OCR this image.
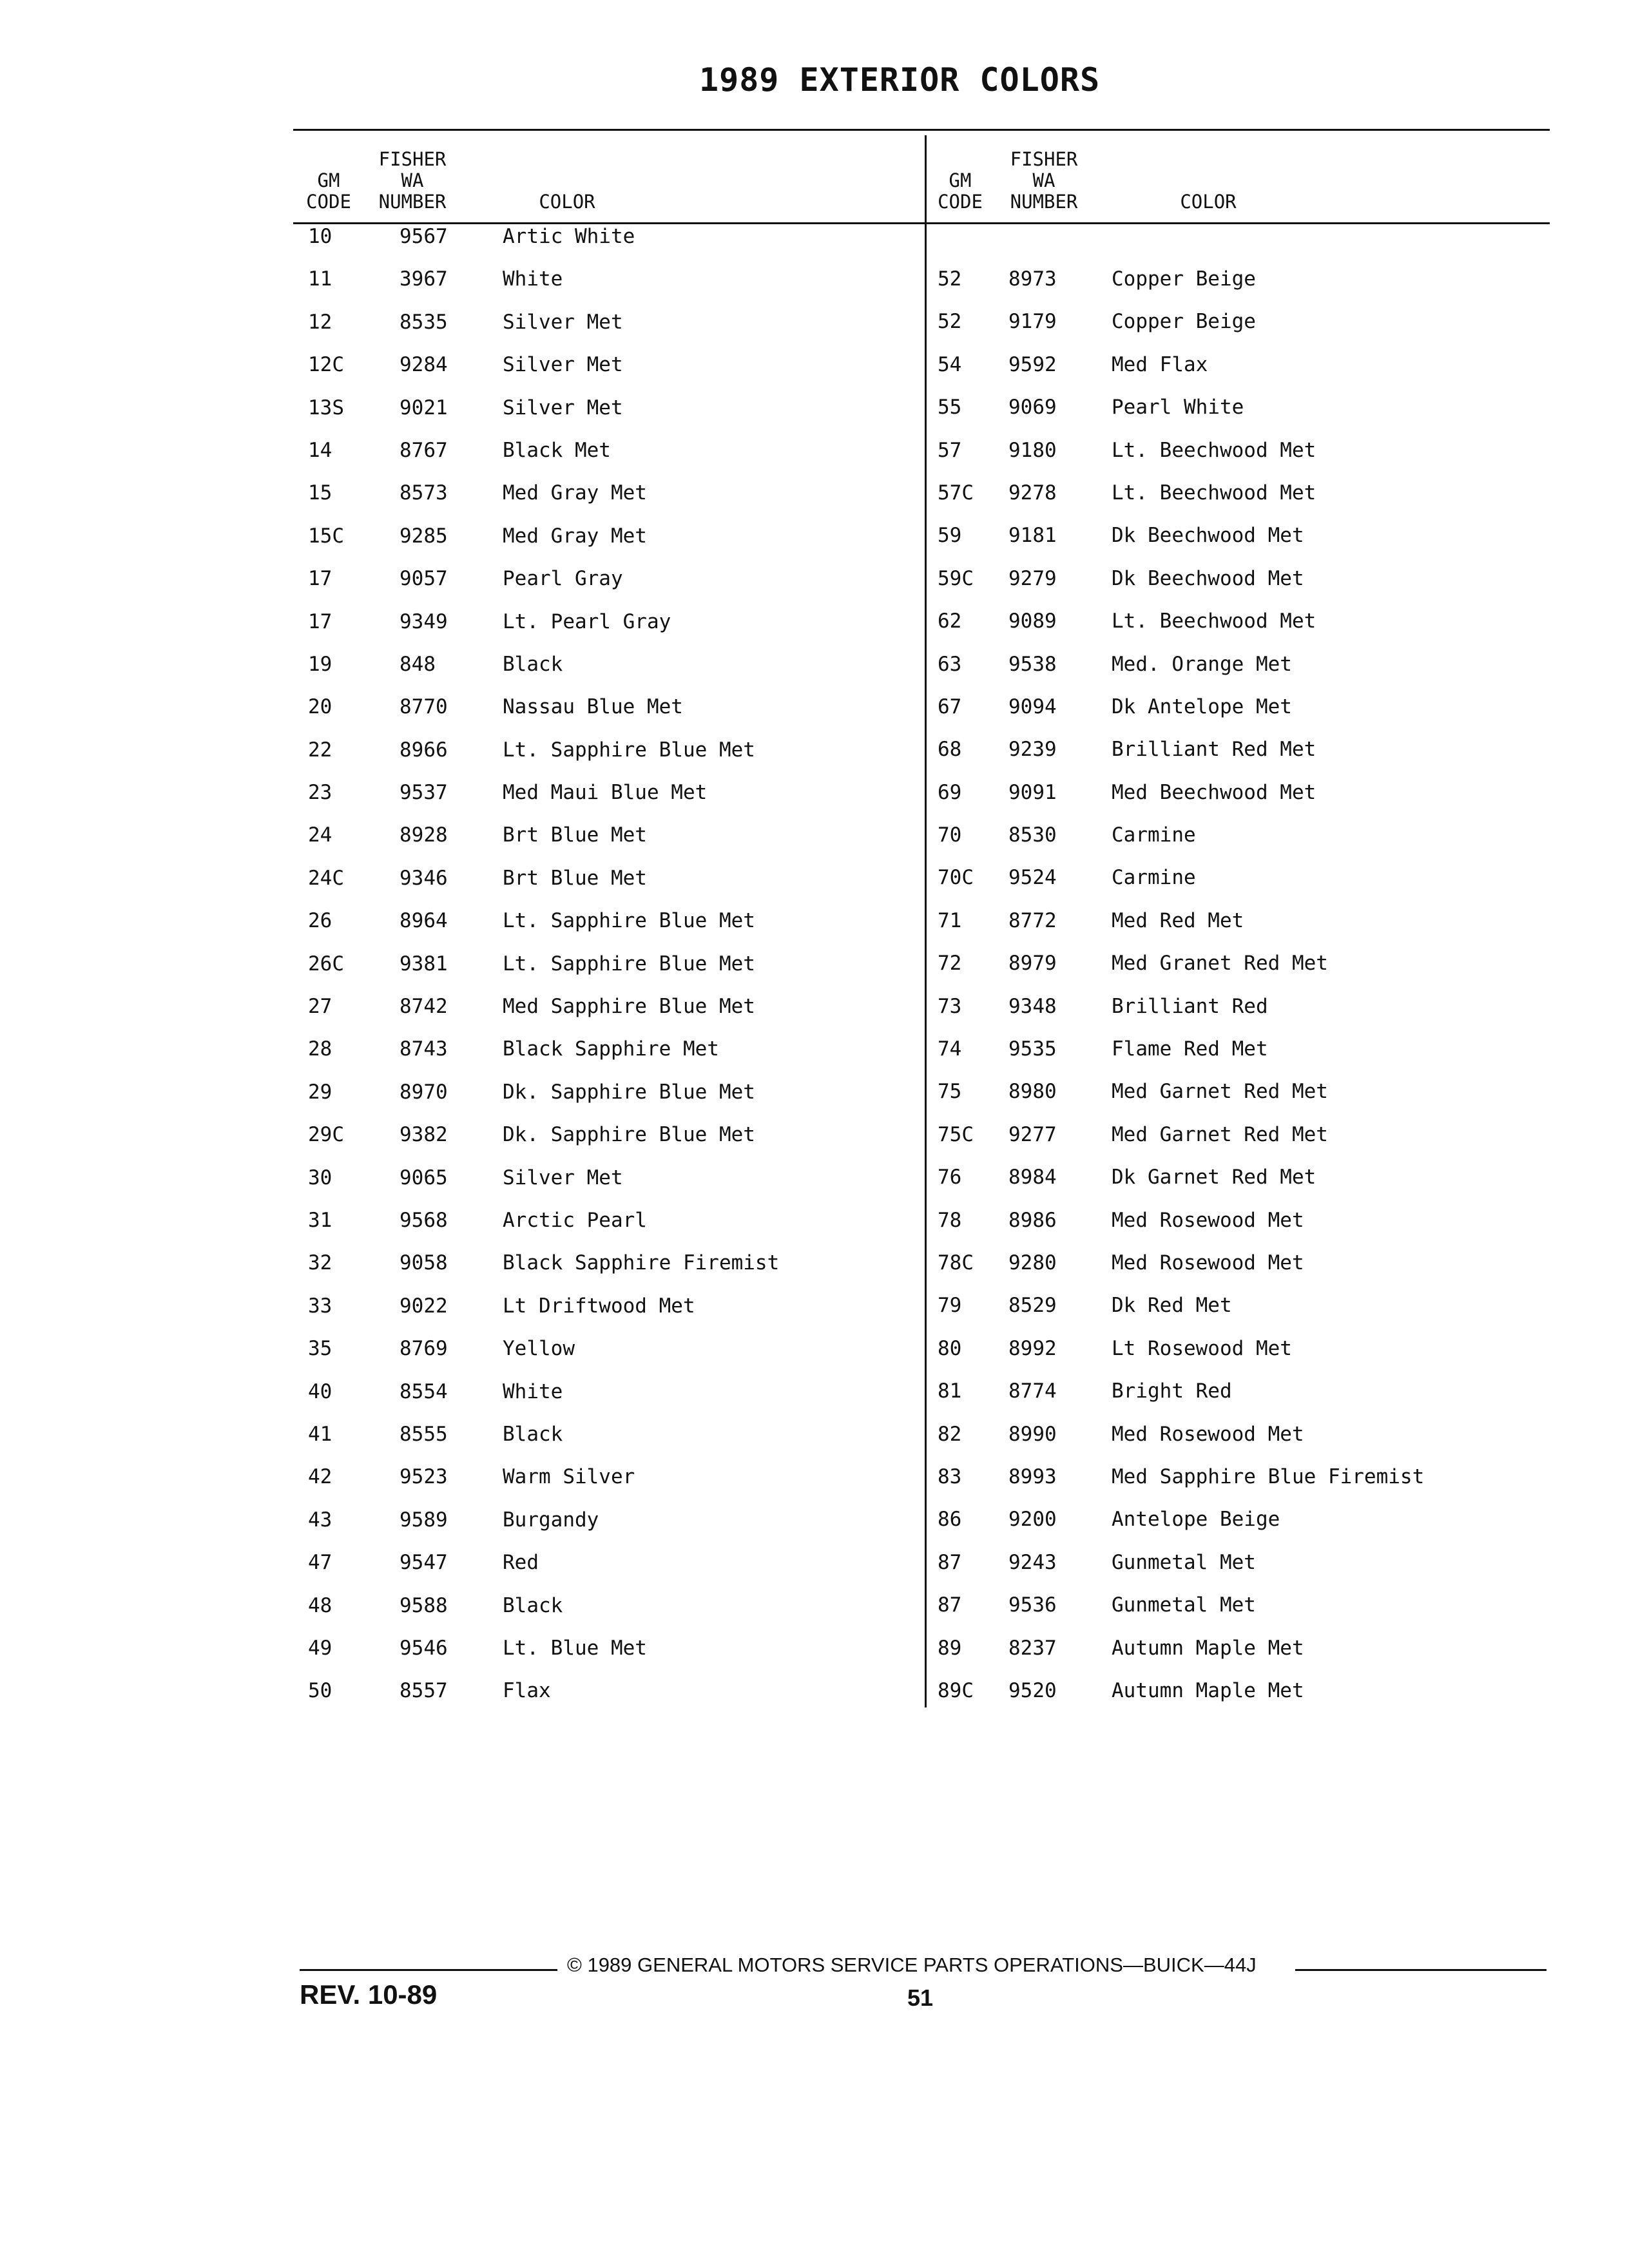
1989 EXTERIOR COLORS
GM
CODE
FISHER
WA
NUMBER	COLOR
GM
CODE
FISHER
WA
NUMBER	COLOR
10	9567	Artic White
11	3967	White
12	8535	Silver Met
12C	9284	Silver Met
13S	9021	Silver Met
14	8767	Black Met
15	8573	Med Gray Met
15C	9285	Med Gray Met
17	9057	Pearl Gray
17	9349	Lt. Pearl Gray
19	848	Black
20	8770	Nassau Blue Met
22	8966	Lt. Sapphire Blue Met
23	9537	Med Maui Blue Met
24	8928	Brt Blue Met
24C	9346	Brt Blue Met
26	8964	Lt. Sapphire Blue Met
26C	9381	Lt. Sapphire Blue Met
27	8742	Med Sapphire Blue Met
28	8743	Black Sapphire Met
29	8970	Dk. Sapphire Blue Met
29C	9382	Dk. Sapphire Blue Met
30	9065	Silver Met
31	9568	Arctic Pearl
32	9058	Black Sapphire Firemist
33	9022	Lt Driftwood Met
35	8769	Yellow
40	8554	White
41	8555	Black
42	9523	Warm Silver
43	9589	Burgandy
47	9547	Red
48	9588	Black
49	9546	Lt. Blue Met
50	8557	Flax
52 8973	Copper Beige
52 9179	Copper Beige
54 9592	Med Flax
55 9069	Pearl White
57 9180	Lt. Beechwood Met
57C 9278	Lt. Beechwood Met
59 9181	Dk Beechwood Met
59C 9279	Dk Beechwood Met
62 9089	Lt. Beechwood Met
63 9538	Med. Orange Met
67 9094	Dk Antelope Met
68 9239	Brilliant Red Met
69 9091	Med Beechwood Met
70 8530	Carmine
70C 9524	Carmine
71 8772	Med Red Met
72 8979	Med Granet Red Met
73 9348	Brilliant Red
74 9535	Flame Red Met
75 8980	Med Garnet Red Met
75C 9277	Med Garnet Red Met
76 8984	Dk Garnet Red Met
78 8986	Med Rosewood Met
78C 9280	Med Rosewood Met
79 8529	Dk Red Met
80 8992	Lt Rosewood Met
81 8774	Bright Red
82 8990	Med Rosewood Met
83 8993	Med Sapphire Blue Firemist
86 9200	Antelope Beige
87 9243	Gunmetal Met
87 9536	Gunmetal Met
89 8237	Autumn Maple Met
89C 9520	Autumn Maple Met
© 1989 GENERAL MOTORS SERVICE PARTS OPERATIONS—BUICK—44J
REV. 10-89	51
